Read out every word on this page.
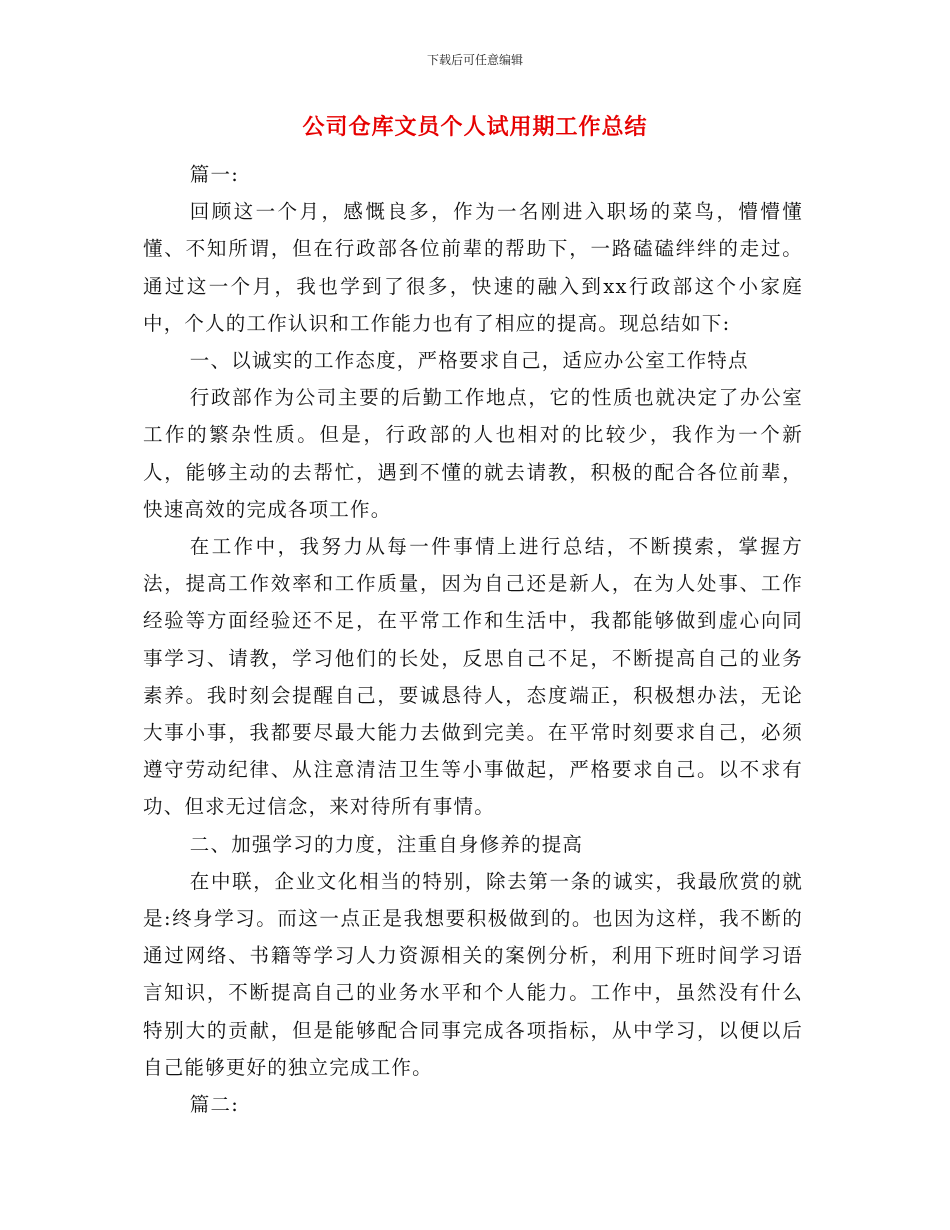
下载后可任意编辑
公司仓库文员个人试用期工作总结

篇一:

回顾这一个月，感慨良多，作为一名刚进入职场的菜鸟，懵懵懂懂、不知所谓，但在行政部各位前辈的帮助下，一路磕磕绊绊的走过。通过这一个月，我也学到了很多，快速的融入到xx行政部这个小家庭中，个人的工作认识和工作能力也有了相应的提高。现总结如下:

一、以诚实的工作态度，严格要求自己，适应办公室工作特点

行政部作为公司主要的后勤工作地点，它的性质也就决定了办公室工作的繁杂性质。但是，行政部的人也相对的比较少，我作为一个新人，能够主动的去帮忙，遇到不懂的就去请教，积极的配合各位前辈，快速高效的完成各项工作。

在工作中，我努力从每一件事情上进行总结，不断摸索，掌握方法，提高工作效率和工作质量，因为自己还是新人，在为人处事、工作经验等方面经验还不足，在平常工作和生活中，我都能够做到虚心向同事学习、请教，学习他们的长处，反思自己不足，不断提高自己的业务素养。我时刻会提醒自己，要诚恳待人，态度端正，积极想办法，无论大事小事，我都要尽最大能力去做到完美。在平常时刻要求自己，必须遵守劳动纪律、从注意清洁卫生等小事做起，严格要求自己。以不求有功、但求无过信念，来对待所有事情。

二、加强学习的力度，注重自身修养的提高

在中联，企业文化相当的特别，除去第一条的诚实，我最欣赏的就是:终身学习。而这一点正是我想要积极做到的。也因为这样，我不断的通过网络、书籍等学习人力资源相关的案例分析，利用下班时间学习语言知识，不断提高自己的业务水平和个人能力。工作中，虽然没有什么特别大的贡献，但是能够配合同事完成各项指标，从中学习，以便以后自己能够更好的独立完成工作。

篇二:
